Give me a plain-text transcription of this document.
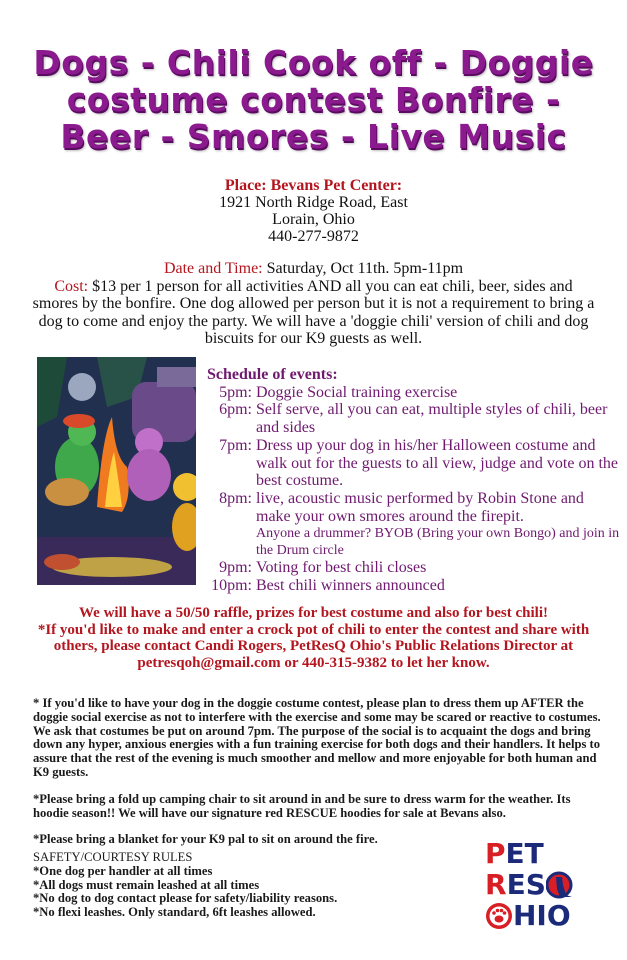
Dogs - Chili Cook off - Doggie
costume contest Bonfire -
Beer - Smores - Live Music
Place: Bevans Pet Center:
1921 North Ridge Road, East
Lorain, Ohio
440-277-9872
Date and Time: Saturday, Oct 11th. 5pm-11pm
Cost: $13 per 1 person for all activities AND all you can eat chili, beer, sides and smores by the bonfire. One dog allowed per person but it is not a requirement to bring a dog to come and enjoy the party. We will have a 'doggie chili' version of chili and dog biscuits for our K9 guests as well.
Schedule of events:
5pm: Doggie Social training exercise
6pm: Self serve, all you can eat, multiple styles of chili, beer and sides
7pm: Dress up your dog in his/her Halloween costume and walk out for the guests to all view, judge and vote on the best costume.
8pm: live, acoustic music performed by Robin Stone and make your own smores around the firepit.
Anyone a drummer? BYOB (Bring your own Bongo) and join in the Drum circle
9pm: Voting for best chili closes
10pm: Best chili winners announced
We will have a 50/50 raffle, prizes for best costume and also for best chili!
*If you'd like to make and enter a crock pot of chili to enter the contest and share with others, please contact Candi Rogers, PetResQ Ohio's Public Relations Director at petresqoh@gmail.com or 440-315-9382 to let her know.

* If you'd like to have your dog in the doggie costume contest, please plan to dress them up AFTER the doggie social exercise as not to interfere with the exercise and some may be scared or reactive to costumes. We ask that costumes be put on around 7pm. The purpose of the social is to acquaint the dogs and bring down any hyper, anxious energies with a fun training exercise for both dogs and their handlers. It helps to assure that the rest of the evening is much smoother and mellow and more enjoyable for both human and K9 guests.

*Please bring a fold up camping chair to sit around in and be sure to dress warm for the weather. Its hoodie season!! We will have our signature red RESCUE hoodies for sale at Bevans also.

*Please bring a blanket for your K9 pal to sit on around the fire.

SAFETY/COURTESY RULES
*One dog per handler at all times
*All dogs must remain leashed at all times
*No dog to dog contact please for safety/liability reasons.
*No flexi leashes. Only standard, 6ft leashes allowed.
P ET
R ES
HIO
